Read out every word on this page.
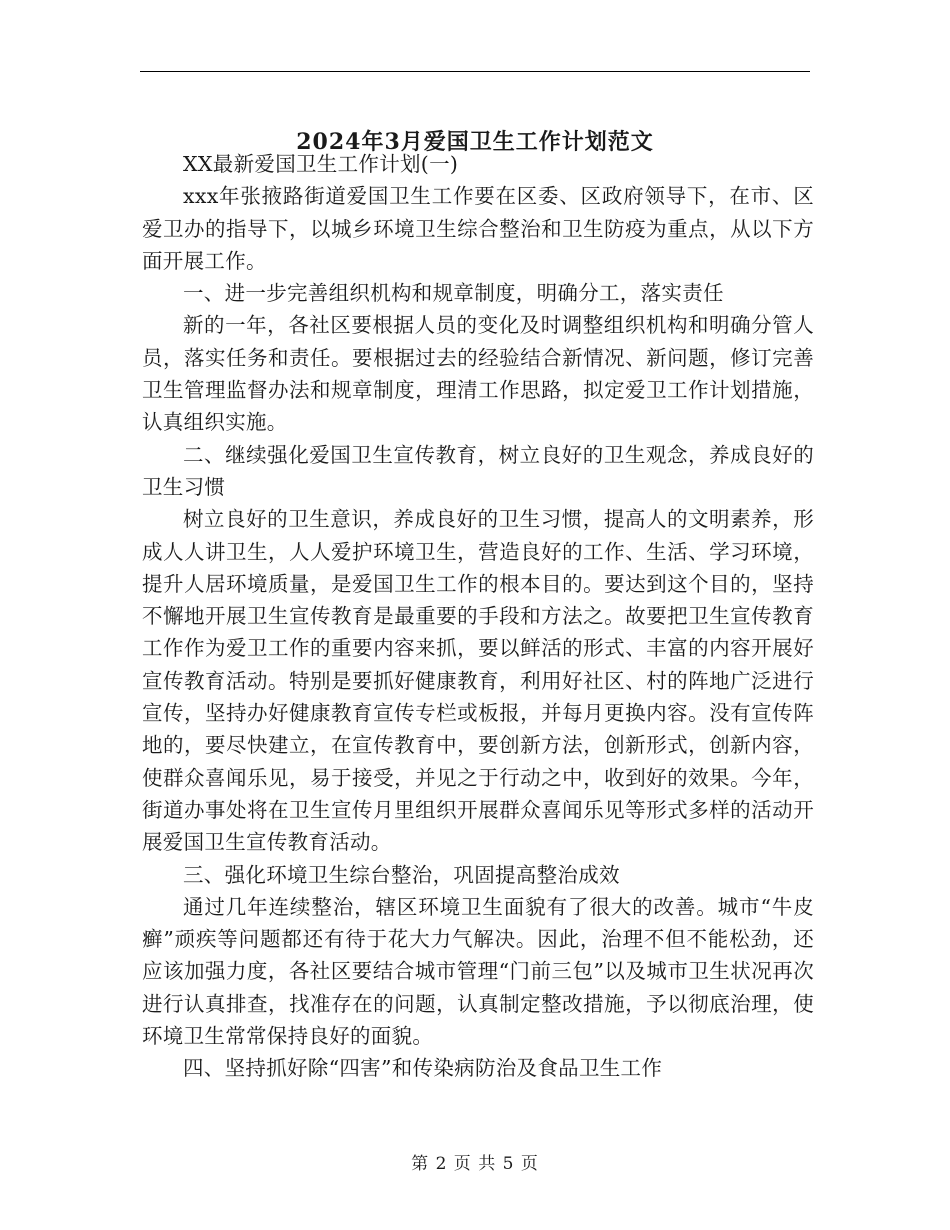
2024年3月爱国卫生工作计划范文

XX最新爱国卫生工作计划(一)

xxx年张掖路街道爱国卫生工作要在区委、区政府领导下，在市、区爱卫办的指导下，以城乡环境卫生综合整治和卫生防疫为重点，从以下方面开展工作。

一、进一步完善组织机构和规章制度，明确分工，落实责任

新的一年，各社区要根据人员的变化及时调整组织机构和明确分管人员，落实任务和责任。要根据过去的经验结合新情况、新问题，修订完善卫生管理监督办法和规章制度，理清工作思路，拟定爱卫工作计划措施，认真组织实施。

二、继续强化爱国卫生宣传教育，树立良好的卫生观念，养成良好的卫生习惯

树立良好的卫生意识，养成良好的卫生习惯，提高人的文明素养，形成人人讲卫生，人人爱护环境卫生，营造良好的工作、生活、学习环境，提升人居环境质量，是爱国卫生工作的根本目的。要达到这个目的，坚持不懈地开展卫生宣传教育是最重要的手段和方法之。故要把卫生宣传教育工作作为爱卫工作的重要内容来抓，要以鲜活的形式、丰富的内容开展好宣传教育活动。特别是要抓好健康教育，利用好社区、村的阵地广泛进行宣传，坚持办好健康教育宣传专栏或板报，并每月更换内容。没有宣传阵地的，要尽快建立，在宣传教育中，要创新方法，创新形式，创新内容，使群众喜闻乐见，易于接受，并见之于行动之中，收到好的效果。今年，街道办事处将在卫生宣传月里组织开展群众喜闻乐见等形式多样的活动开展爱国卫生宣传教育活动。

三、强化环境卫生综台整治，巩固提高整治成效

通过几年连续整治，辖区环境卫生面貌有了很大的改善。城市“牛皮癣”顽疾等问题都还有待于花大力气解决。因此，治理不但不能松劲，还应该加强力度，各社区要结合城市管理“门前三包”以及城市卫生状况再次进行认真排查，找准存在的问题，认真制定整改措施，予以彻底治理，使环境卫生常常保持良好的面貌。

四、坚持抓好除“四害”和传染病防治及食品卫生工作

第 2 页 共 5 页
